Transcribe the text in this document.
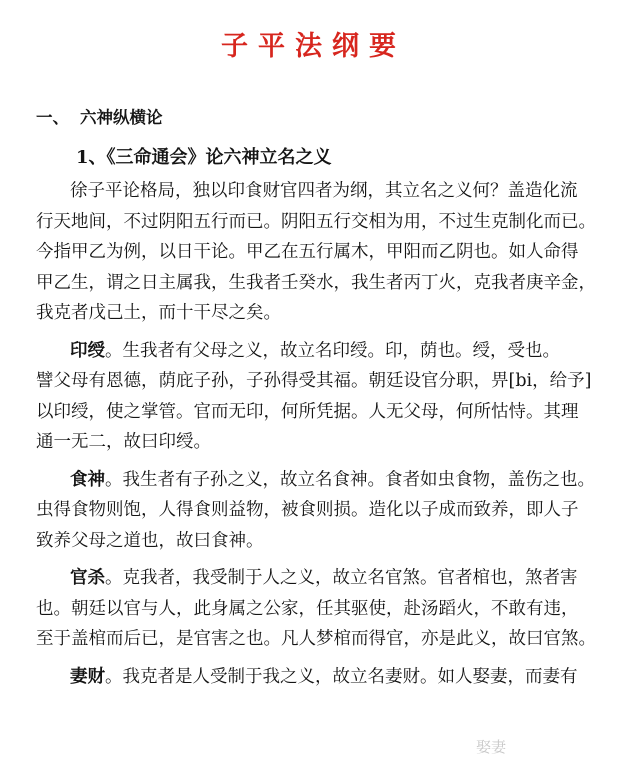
子平法纲要
一、 六神纵横论
1、《三命通会》论六神立名之义
徐子平论格局，独以印食财官四者为纲，其立名之义何？盖造化流
行天地间，不过阴阳五行而已。阴阳五行交相为用，不过生克制化而已。
今指甲乙为例，以日干论。甲乙在五行属木，甲阳而乙阴也。如人命得
甲乙生，谓之日主属我，生我者壬癸水，我生者丙丁火，克我者庚辛金，
我克者戊己土，而十干尽之矣。
印绶。生我者有父母之义，故立名印绶。印，荫也。绶，受也。
譬父母有恩德，荫庇子孙，子孙得受其福。朝廷设官分职，畀[bi，给予]
以印绶，使之掌管。官而无印，何所凭据。人无父母，何所怙恃。其理
通一无二，故曰印绶。
食神。我生者有子孙之义，故立名食神。食者如虫食物，盖伤之也。
虫得食物则饱，人得食则益物，被食则损。造化以子成而致养，即人子
致养父母之道也，故曰食神。
官杀。克我者，我受制于人之义，故立名官煞。官者棺也，煞者害
也。朝廷以官与人，此身属之公家，任其驱使，赴汤蹈火，不敢有违，
至于盖棺而后已，是官害之也。凡人梦棺而得官，亦是此义，故曰官煞。
妻财。我克者是人受制于我之义，故立名妻财。如人娶妻，而妻有
娶妻
